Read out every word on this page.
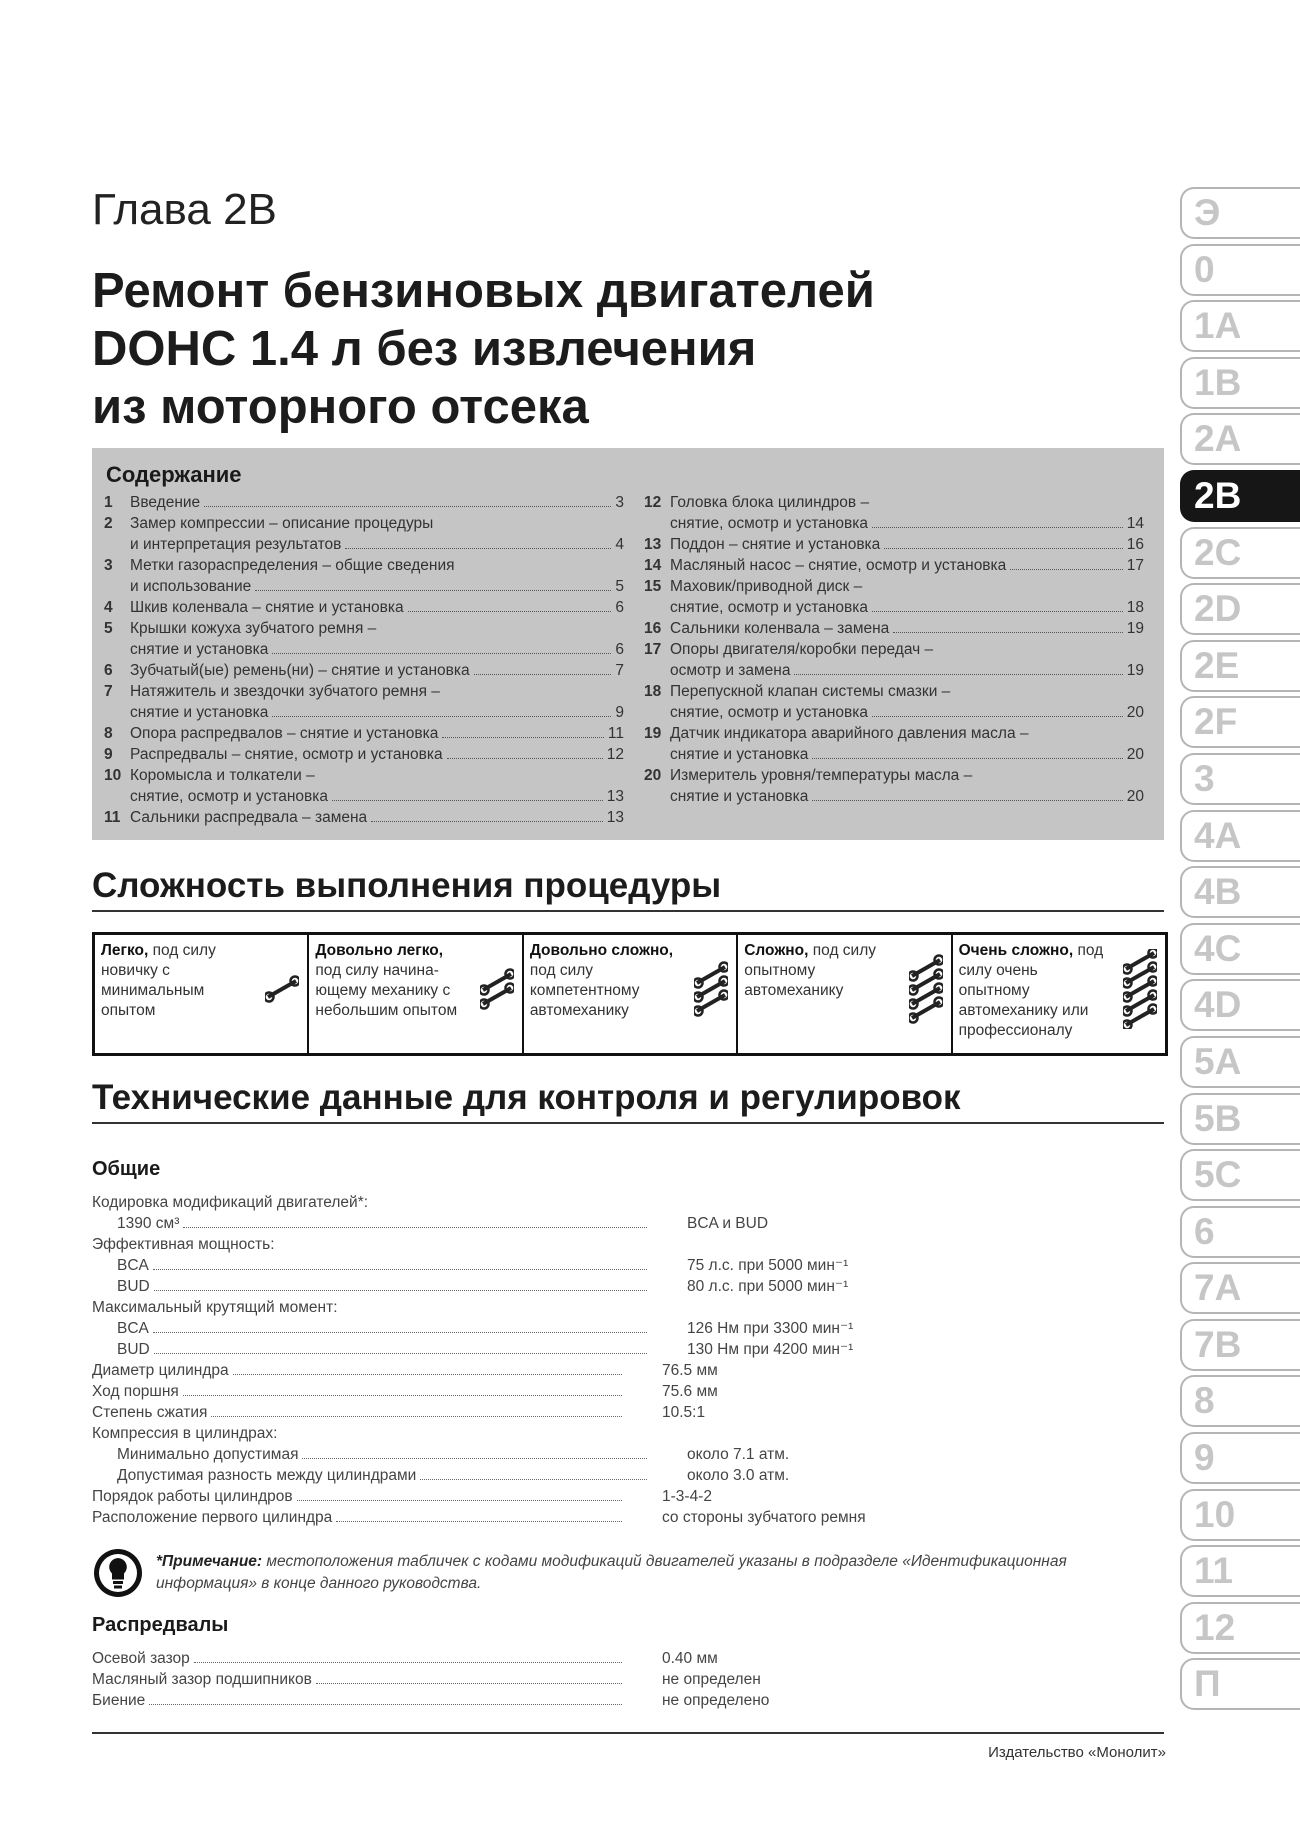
Глава 2B
Ремонт бензиновых двигателей
DOHC 1.4 л без извлечения
из моторного отсека
Содержание
1	Введение	3
2	Замер компрессии – описание процедуры
и интерпретация результатов	4
3	Метки газораспределения – общие сведения
и использование	5
4	Шкив коленвала – снятие и установка	6
5	Крышки кожуха зубчатого ремня –
снятие и установка	6
6	Зубчатый(ые) ремень(ни) – снятие и установка	7
7	Натяжитель и звездочки зубчатого ремня –
снятие и установка	9
8	Опора распредвалов – снятие и установка	11
9	Распредвалы – снятие, осмотр и установка	12
10 Коромысла и толкатели –
снятие, осмотр и установка	13
11 Сальники распредвала – замена	13
12 Головка блока цилиндров –
снятие, осмотр и установка	14
13 Поддон – снятие и установка	16
14 Масляный насос – снятие, осмотр и установка	17
15 Маховик/приводной диск –
снятие, осмотр и установка	18
16 Сальники коленвала – замена	19
17 Опоры двигателя/коробки передач –
осмотр и замена	19
18 Перепускной клапан системы смазки –
снятие, осмотр и установка	20
19 Датчик индикатора аварийного давления масла –
снятие и установка	20
20 Измеритель уровня/температуры масла –
снятие и установка	20
Сложность выполнения процедуры
Легко, под силу новичку с минимальным опытом
Довольно легко, под силу начина-ющему механику с небольшим опытом
Довольно сложно, под силу компетентному автомеханику
Сложно, под силу опытному автомеханику
Очень сложно, под силу очень опытному автомеханику или профессионалу
Технические данные для контроля и регулировок
Общие
Кодировка модификаций двигателей*:
1390 см³	BCA и BUD
Эффективная мощность:
BCA	75 л.с. при 5000 мин⁻¹
BUD	80 л.с. при 5000 мин⁻¹
Максимальный крутящий момент:
BCA	126 Нм при 3300 мин⁻¹
BUD	130 Нм при 4200 мин⁻¹
Диаметр цилиндра	76.5 мм
Ход поршня	75.6 мм
Степень сжатия	10.5:1
Компрессия в цилиндрах:
Минимально допустимая	около 7.1 атм.
Допустимая разность между цилиндрами	около 3.0 атм.
Порядок работы цилиндров	1-3-4-2
Расположение первого цилиндра	со стороны зубчатого ремня
*Примечание: местоположения табличек с кодами модификаций двигателей указаны в подразделе «Идентификационная информация» в конце данного руководства.
Распредвалы
Осевой зазор	0.40 мм
Масляный зазор подшипников	не определен
Биение	не определено
Издательство «Монолит»
Э
0
1A
1B
2A
2B
2C
2D
2E
2F
3
4A
4B
4C
4D
5A
5B
5C
6
7A
7B
8
9
10
11
12
П
